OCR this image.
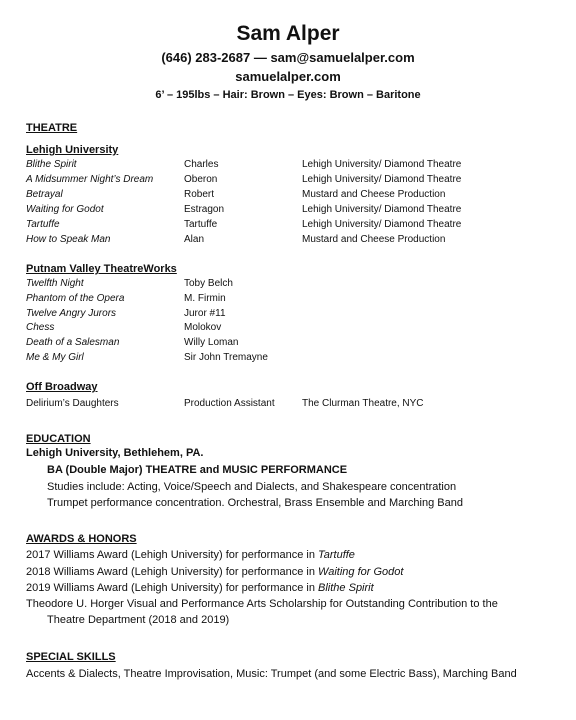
Sam Alper
(646) 283-2687 — sam@samuelalper.com
samuelalper.com
6’ – 195lbs – Hair: Brown – Eyes: Brown – Baritone
THEATRE
Lehigh University
Blithe Spirit	Charles	Lehigh University/ Diamond Theatre
A Midsummer Night’s Dream	Oberon	Lehigh University/ Diamond Theatre
Betrayal	Robert	Mustard and Cheese Production
Waiting for Godot	Estragon	Lehigh University/ Diamond Theatre
Tartuffe	Tartuffe	Lehigh University/ Diamond Theatre
How to Speak Man	Alan	Mustard and Cheese Production
Putnam Valley TheatreWorks
Twelfth Night	Toby Belch
Phantom of the Opera	M. Firmin
Twelve Angry Jurors	Juror #11
Chess	Molokov
Death of a Salesman	Willy Loman
Me & My Girl	Sir John Tremayne
Off Broadway
Delirium’s Daughters	Production Assistant	The Clurman Theatre, NYC
EDUCATION
Lehigh University, Bethlehem, PA.
BA (Double Major) THEATRE and MUSIC PERFORMANCE
Studies include: Acting, Voice/Speech and Dialects, and Shakespeare concentration
Trumpet performance concentration. Orchestral, Brass Ensemble and Marching Band
AWARDS & HONORS
2017 Williams Award (Lehigh University) for performance in Tartuffe
2018 Williams Award (Lehigh University) for performance in Waiting for Godot
2019 Williams Award (Lehigh University) for performance in Blithe Spirit
Theodore U. Horger Visual and Performance Arts Scholarship for Outstanding Contribution to the
Theatre Department (2018 and 2019)
SPECIAL SKILLS
Accents & Dialects, Theatre Improvisation, Music: Trumpet (and some Electric Bass), Marching Band
